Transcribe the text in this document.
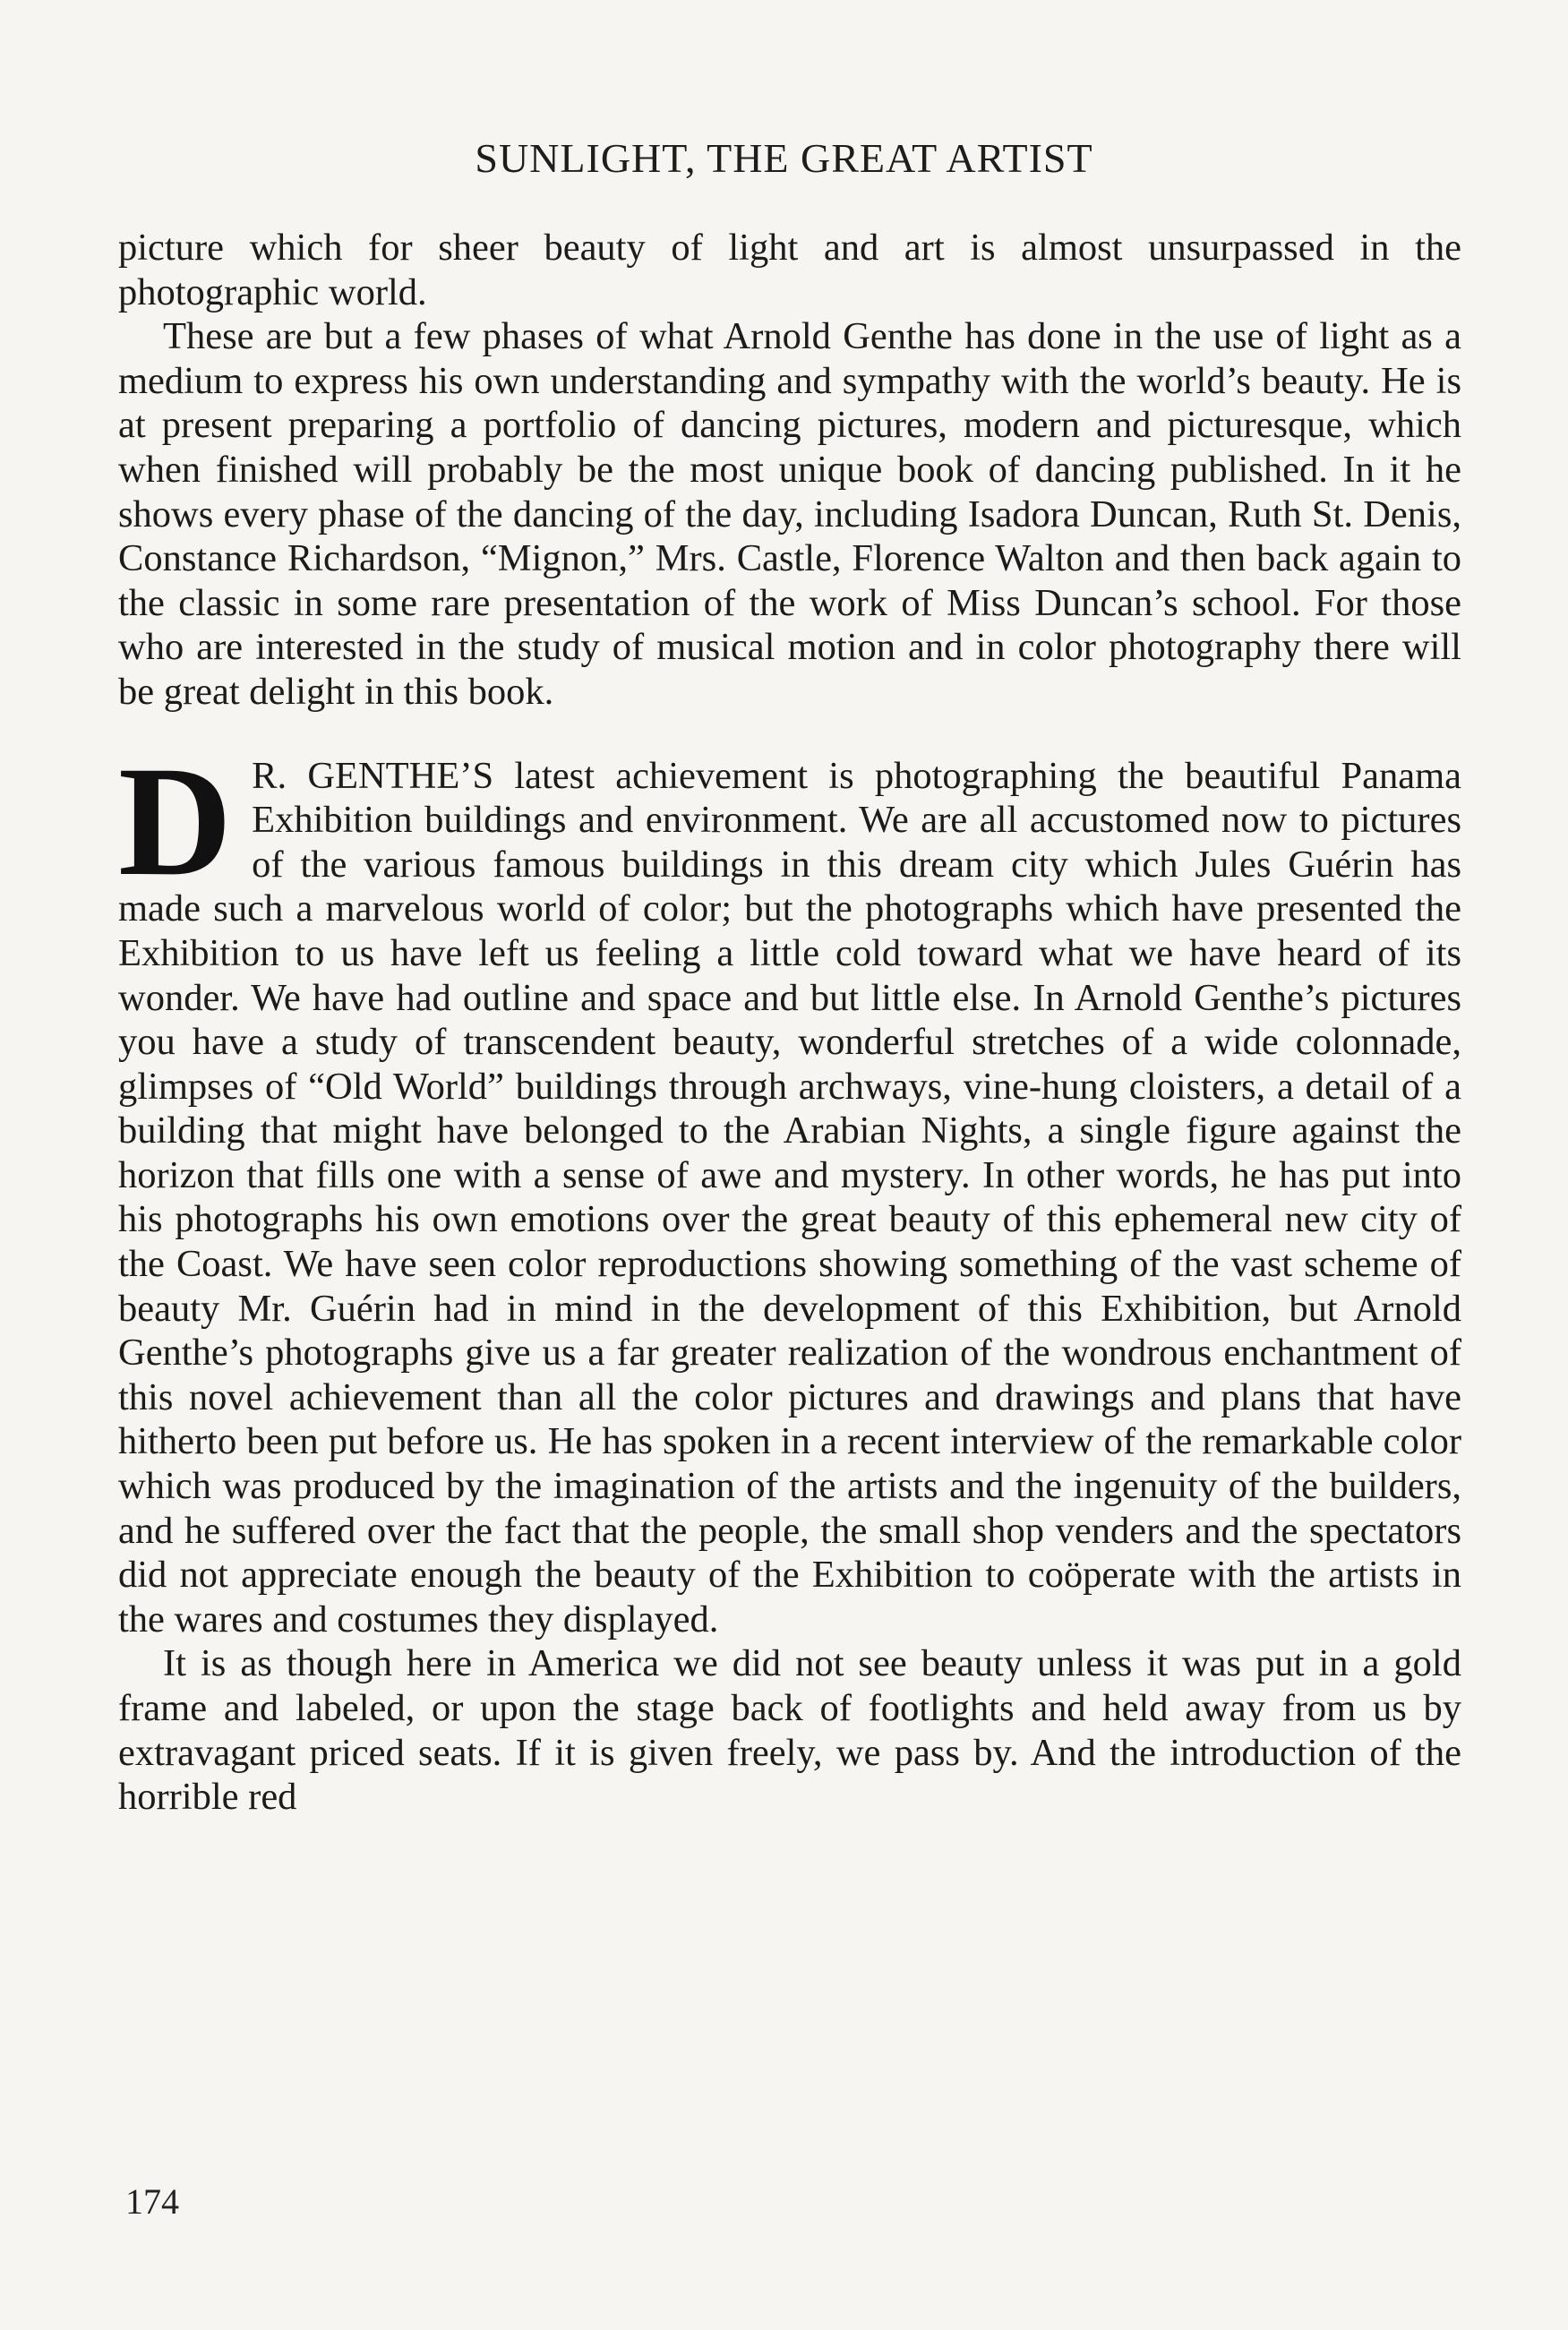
SUNLIGHT, THE GREAT ARTIST

picture which for sheer beauty of light and art is almost unsurpassed in the photographic world.

These are but a few phases of what Arnold Genthe has done in the use of light as a medium to express his own understanding and sympathy with the world’s beauty. He is at present preparing a portfolio of dancing pictures, modern and picturesque, which when finished will probably be the most unique book of dancing published. In it he shows every phase of the dancing of the day, including Isadora Duncan, Ruth St. Denis, Constance Richardson, “Mignon,” Mrs. Castle, Florence Walton and then back again to the classic in some rare presentation of the work of Miss Duncan’s school. For those who are interested in the study of musical motion and in color photography there will be great delight in this book.

D R. GENTHE’S latest achievement is photographing the beautiful Panama Exhibition buildings and environment. We are all accustomed now to pictures of the various famous buildings in this dream city which Jules Guérin has made such a marvelous world of color; but the photographs which have presented the Exhibition to us have left us feeling a little cold toward what we have heard of its wonder. We have had outline and space and but little else. In Arnold Genthe’s pictures you have a study of transcendent beauty, wonderful stretches of a wide colonnade, glimpses of “Old World” buildings through archways, vine-hung cloisters, a detail of a building that might have belonged to the Arabian Nights, a single figure against the horizon that fills one with a sense of awe and mystery. In other words, he has put into his photographs his own emotions over the great beauty of this ephemeral new city of the Coast. We have seen color reproductions showing something of the vast scheme of beauty Mr. Guérin had in mind in the development of this Exhibition, but Arnold Genthe’s photographs give us a far greater realization of the wondrous enchantment of this novel achievement than all the color pictures and drawings and plans that have hitherto been put before us. He has spoken in a recent interview of the remarkable color which was produced by the imagination of the artists and the ingenuity of the builders, and he suffered over the fact that the people, the small shop venders and the spectators did not appreciate enough the beauty of the Exhibition to coöperate with the artists in the wares and costumes they displayed.

It is as though here in America we did not see beauty unless it was put in a gold frame and labeled, or upon the stage back of footlights and held away from us by extravagant priced seats. If it is given freely, we pass by. And the introduction of the horrible red

174
